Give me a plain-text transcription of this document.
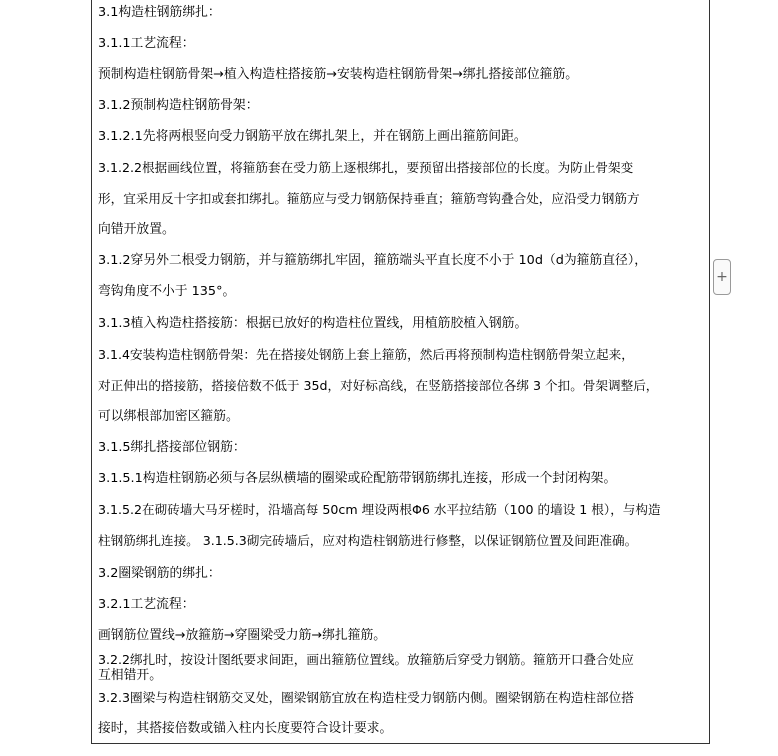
3.1构造柱钢筋绑扎：
3.1.1工艺流程：
预制构造柱钢筋骨架→植入构造柱搭接筋→安装构造柱钢筋骨架→绑扎搭接部位箍筋。
3.1.2预制构造柱钢筋骨架：
3.1.2.1先将两根竖向受力钢筋平放在绑扎架上，并在钢筋上画出箍筋间距。
3.1.2.2根据画线位置，将箍筋套在受力筋上逐根绑扎，要预留出搭接部位的长度。为防止骨架变
形，宜采用反十字扣或套扣绑扎。箍筋应与受力钢筋保持垂直；箍筋弯钩叠合处，应沿受力钢筋方
向错开放置。
3.1.2穿另外二根受力钢筋，并与箍筋绑扎牢固，箍筋端头平直长度不小于 10d（d为箍筋直径），
弯钩角度不小于 135°。
3.1.3植入构造柱搭接筋：根据已放好的构造柱位置线，用植筋胶植入钢筋。
3.1.4安装构造柱钢筋骨架：先在搭接处钢筋上套上箍筋，然后再将预制构造柱钢筋骨架立起来，
对正伸出的搭接筋，搭接倍数不低于 35d，对好标高线，在竖筋搭接部位各绑 3 个扣。骨架调整后，
可以绑根部加密区箍筋。
3.1.5绑扎搭接部位钢筋：
3.1.5.1构造柱钢筋必须与各层纵横墙的圈梁或砼配筋带钢筋绑扎连接，形成一个封闭构架。
3.1.5.2在砌砖墙大马牙槎时，沿墙高每 50cm 埋设两根Φ6 水平拉结筋（100 的墙设 1 根），与构造
柱钢筋绑扎连接。 3.1.5.3砌完砖墙后，应对构造柱钢筋进行修整，以保证钢筋位置及间距准确。
3.2圈梁钢筋的绑扎：
3.2.1工艺流程：
画钢筋位置线→放箍筋→穿圈梁受力筋→绑扎箍筋。
3.2.2绑扎时，按设计图纸要求间距，画出箍筋位置线。放箍筋后穿受力钢筋。箍筋开口叠合处应
互相错开。
3.2.3圈梁与构造柱钢筋交叉处，圈梁钢筋宜放在构造柱受力钢筋内侧。圈梁钢筋在构造柱部位搭
接时，其搭接倍数或锚入柱内长度要符合设计要求。
+
